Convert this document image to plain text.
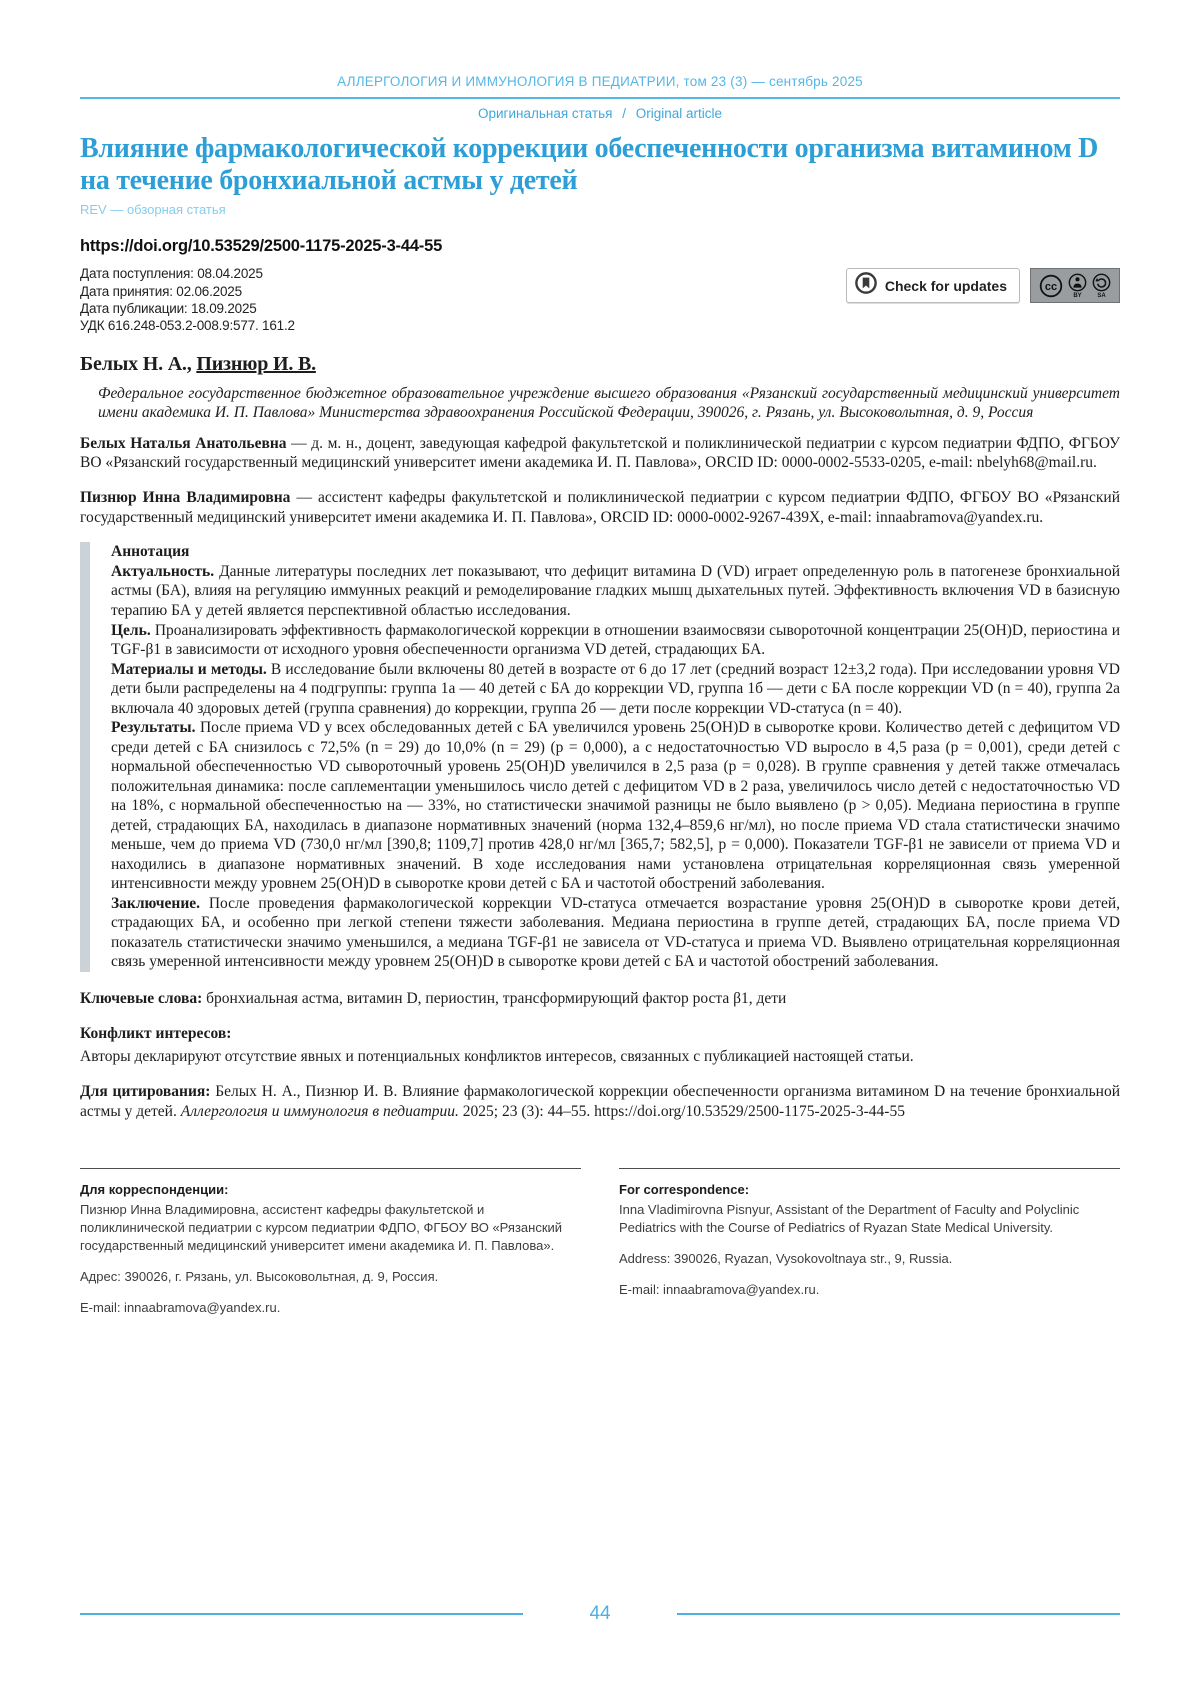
АЛЛЕРГОЛОГИЯ И ИММУНОЛОГИЯ В ПЕДИАТРИИ, том 23 (3) — сентябрь 2025
Оригинальная статья / Original article
Влияние фармакологической коррекции обеспеченности организма витамином D на течение бронхиальной астмы у детей
REV — обзорная статья
https://doi.org/10.53529/2500-1175-2025-3-44-55

Дата поступления: 08.04.2025

Дата принятия: 02.06.2025

Дата публикации: 18.09.2025

УДК 616.248-053.2-008.9:577. 161.2

Check for updates	cc
BY	SA
Белых Н. А., Пизнюр И. В.
Федеральное государственное бюджетное образовательное учреждение высшего образования «Рязанский государственный медицинский университет имени академика И. П. Павлова» Министерства здравоохранения Российской Федерации, 390026, г. Рязань, ул. Высоковольтная, д. 9, Россия

Белых Наталья Анатольевна — д. м. н., доцент, заведующая кафедрой факультетской и поликлинической педиатрии с курсом педиатрии ФДПО, ФГБОУ ВО «Рязанский государственный медицинский университет имени академика И. П. Павлова», ORCID ID: 0000-0002-5533-0205, e-mail: nbelyh68@mail.ru.

Пизнюр Инна Владимировна — ассистент кафедры факультетской и поликлинической педиатрии с курсом педиатрии ФДПО, ФГБОУ ВО «Рязанский государственный медицинский университет имени академика И. П. Павлова», ORCID ID: 0000-0002-9267-439X, e-mail: innaabramova@yandex.ru.

Аннотация

Актуальность. Данные литературы последних лет показывают, что дефицит витамина D (VD) играет определенную роль в патогенезе бронхиальной астмы (БА), влияя на регуляцию иммунных реакций и ремоделирование гладких мышц дыхательных путей. Эффективность включения VD в базисную терапию БА у детей является перспективной областью исследования.

Цель. Проанализировать эффективность фармакологической коррекции в отношении взаимосвязи сывороточной концентрации 25(OH)D, периостина и TGF-β1 в зависимости от исходного уровня обеспеченности организма VD детей, страдающих БА.

Материалы и методы. В исследование были включены 80 детей в возрасте от 6 до 17 лет (средний возраст 12±3,2 года). При исследовании уровня VD дети были распределены на 4 подгруппы: группа 1а — 40 детей с БА до коррекции VD, группа 1б — дети с БА после коррекции VD (n = 40), группа 2а включала 40 здоровых детей (группа сравнения) до коррекции, группа 2б — дети после коррекции VD-статуса (n = 40).

Результаты. После приема VD у всех обследованных детей с БА увеличился уровень 25(OH)D в сыворотке крови. Количество детей с дефицитом VD среди детей с БА снизилось с 72,5% (n = 29) до 10,0% (n = 29) (p = 0,000), а с недостаточностью VD выросло в 4,5 раза (p = 0,001), среди детей с нормальной обеспеченностью VD сывороточный уровень 25(OH)D увеличился в 2,5 раза (p = 0,028). В группе сравнения у детей также отмечалась положительная динамика: после саплементации уменьшилось число детей с дефицитом VD в 2 раза, увеличилось число детей с недостаточностью VD на 18%, с нормальной обеспеченностью на — 33%, но статистически значимой разницы не было выявлено (p > 0,05). Медиана периостина в группе детей, страдающих БА, находилась в диапазоне нормативных значений (норма 132,4–859,6 нг/мл), но после приема VD стала статистически значимо меньше, чем до приема VD (730,0 нг/мл [390,8; 1109,7] против 428,0 нг/мл [365,7; 582,5], p = 0,000). Показатели TGF-β1 не зависели от приема VD и находились в диапазоне нормативных значений. В ходе исследования нами установлена отрицательная корреляционная связь умеренной интенсивности между уровнем 25(OH)D в сыворотке крови детей с БА и частотой обострений заболевания.

Заключение. После проведения фармакологической коррекции VD-статуса отмечается возрастание уровня 25(OH)D в сыворотке крови детей, страдающих БА, и особенно при легкой степени тяжести заболевания. Медиана периостина в группе детей, страдающих БА, после приема VD показатель статистически значимо уменьшился, а медиана TGF-β1 не зависела от VD-статуса и приема VD. Выявлено отрицательная корреляционная связь умеренной интенсивности между уровнем 25(OH)D в сыворотке крови детей с БА и частотой обострений заболевания.

Ключевые слова: бронхиальная астма, витамин D, периостин, трансформирующий фактор роста β1, дети

Конфликт интересов:
Авторы декларируют отсутствие явных и потенциальных конфликтов интересов, связанных с публикацией настоящей статьи.

Для цитирования: Белых Н. А., Пизнюр И. В. Влияние фармакологической коррекции обеспеченности организма витамином D на течение бронхиальной астмы у детей. Аллергология и иммунология в педиатрии. 2025; 23 (3): 44–55. https://doi.org/10.53529/2500-1175-2025-3-44-55

Для корреспонденции:

Пизнюр Инна Владимировна, ассистент кафедры факультетской и поликлинической педиатрии с курсом педиатрии ФДПО, ФГБОУ ВО «Рязанский государственный медицинский университет имени академика И. П. Павлова».

Адрес: 390026, г. Рязань, ул. Высоковольтная, д. 9, Россия.

E-mail: innaabramova@yandex.ru.

For correspondence:

Inna Vladimirovna Pisnyur, Assistant of the Department of Faculty and Polyclinic Pediatrics with the Course of Pediatrics of Ryazan State Medical University.

Address: 390026, Ryazan, Vysokovoltnaya str., 9, Russia.

E-mail: innaabramova@yandex.ru.

44
